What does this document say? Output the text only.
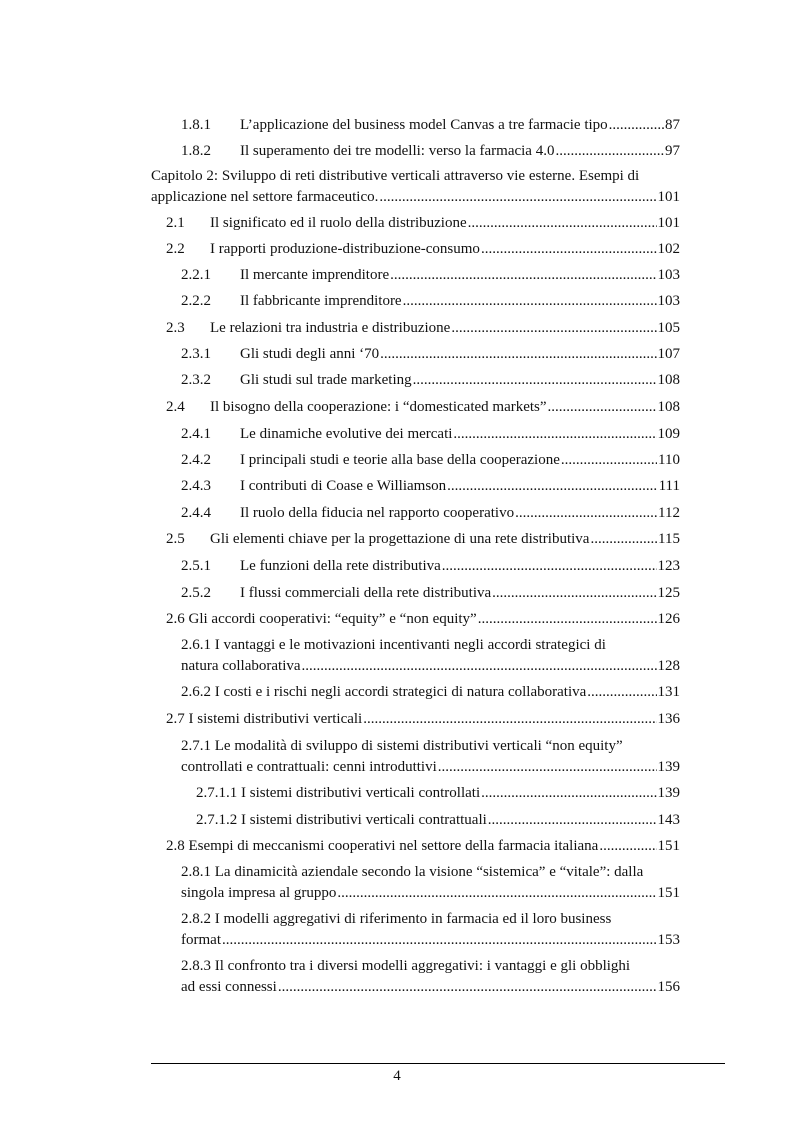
1.8.1	L’applicazione del business model Canvas a tre farmacie tipo .....	87
1.8.2	Il superamento dei tre modelli: verso la farmacia 4.0 .....	97
Capitolo 2: Sviluppo di reti distributive verticali attraverso vie esterne. Esempi di
applicazione nel settore farmaceutico. .....	101
2.1	Il significato ed il ruolo della distribuzione .....	101
2.2	I rapporti produzione-distribuzione-consumo .....	102
2.2.1	Il mercante imprenditore .....	103
2.2.2	Il fabbricante imprenditore .....	103
2.3	Le relazioni tra industria e distribuzione .....	105
2.3.1	Gli studi degli anni ‘70 .....	107
2.3.2	Gli studi sul trade marketing .....	108
2.4	Il bisogno della cooperazione: i “domesticated markets” .....	108
2.4.1	Le dinamiche evolutive dei mercati .....	109
2.4.2	I principali studi e teorie alla base della cooperazione .....	110
2.4.3	I contributi di Coase e Williamson .....	111
2.4.4	Il ruolo della fiducia nel rapporto cooperativo .....	112
2.5	Gli elementi chiave per la progettazione di una rete distributiva .....	115
2.5.1	Le funzioni della rete distributiva .....	123
2.5.2	I flussi commerciali della rete distributiva .....	125
2.6 Gli accordi cooperativi: “equity” e “non equity” .....	126
2.6.1 I vantaggi e le motivazioni incentivanti negli accordi strategici di
natura collaborativa .....	128
2.6.2 I costi e i rischi negli accordi strategici di natura collaborativa .....	131
2.7 I sistemi distributivi verticali .....	136
2.7.1 Le modalità di sviluppo di sistemi distributivi verticali “non equity”
controllati e contrattuali: cenni introduttivi .....	139
2.7.1.1 I sistemi distributivi verticali controllati .....	139
2.7.1.2 I sistemi distributivi verticali contrattuali .....	143
2.8 Esempi di meccanismi cooperativi nel settore della farmacia italiana .....	151
2.8.1 La dinamicità aziendale secondo la visione “sistemica” e “vitale”: dalla
singola impresa al gruppo .....	151
2.8.2 I modelli aggregativi di riferimento in farmacia ed il loro business
format .....	153
2.8.3 Il confronto tra i diversi modelli aggregativi: i vantaggi e gli obblighi
ad essi connessi .....	156
4
